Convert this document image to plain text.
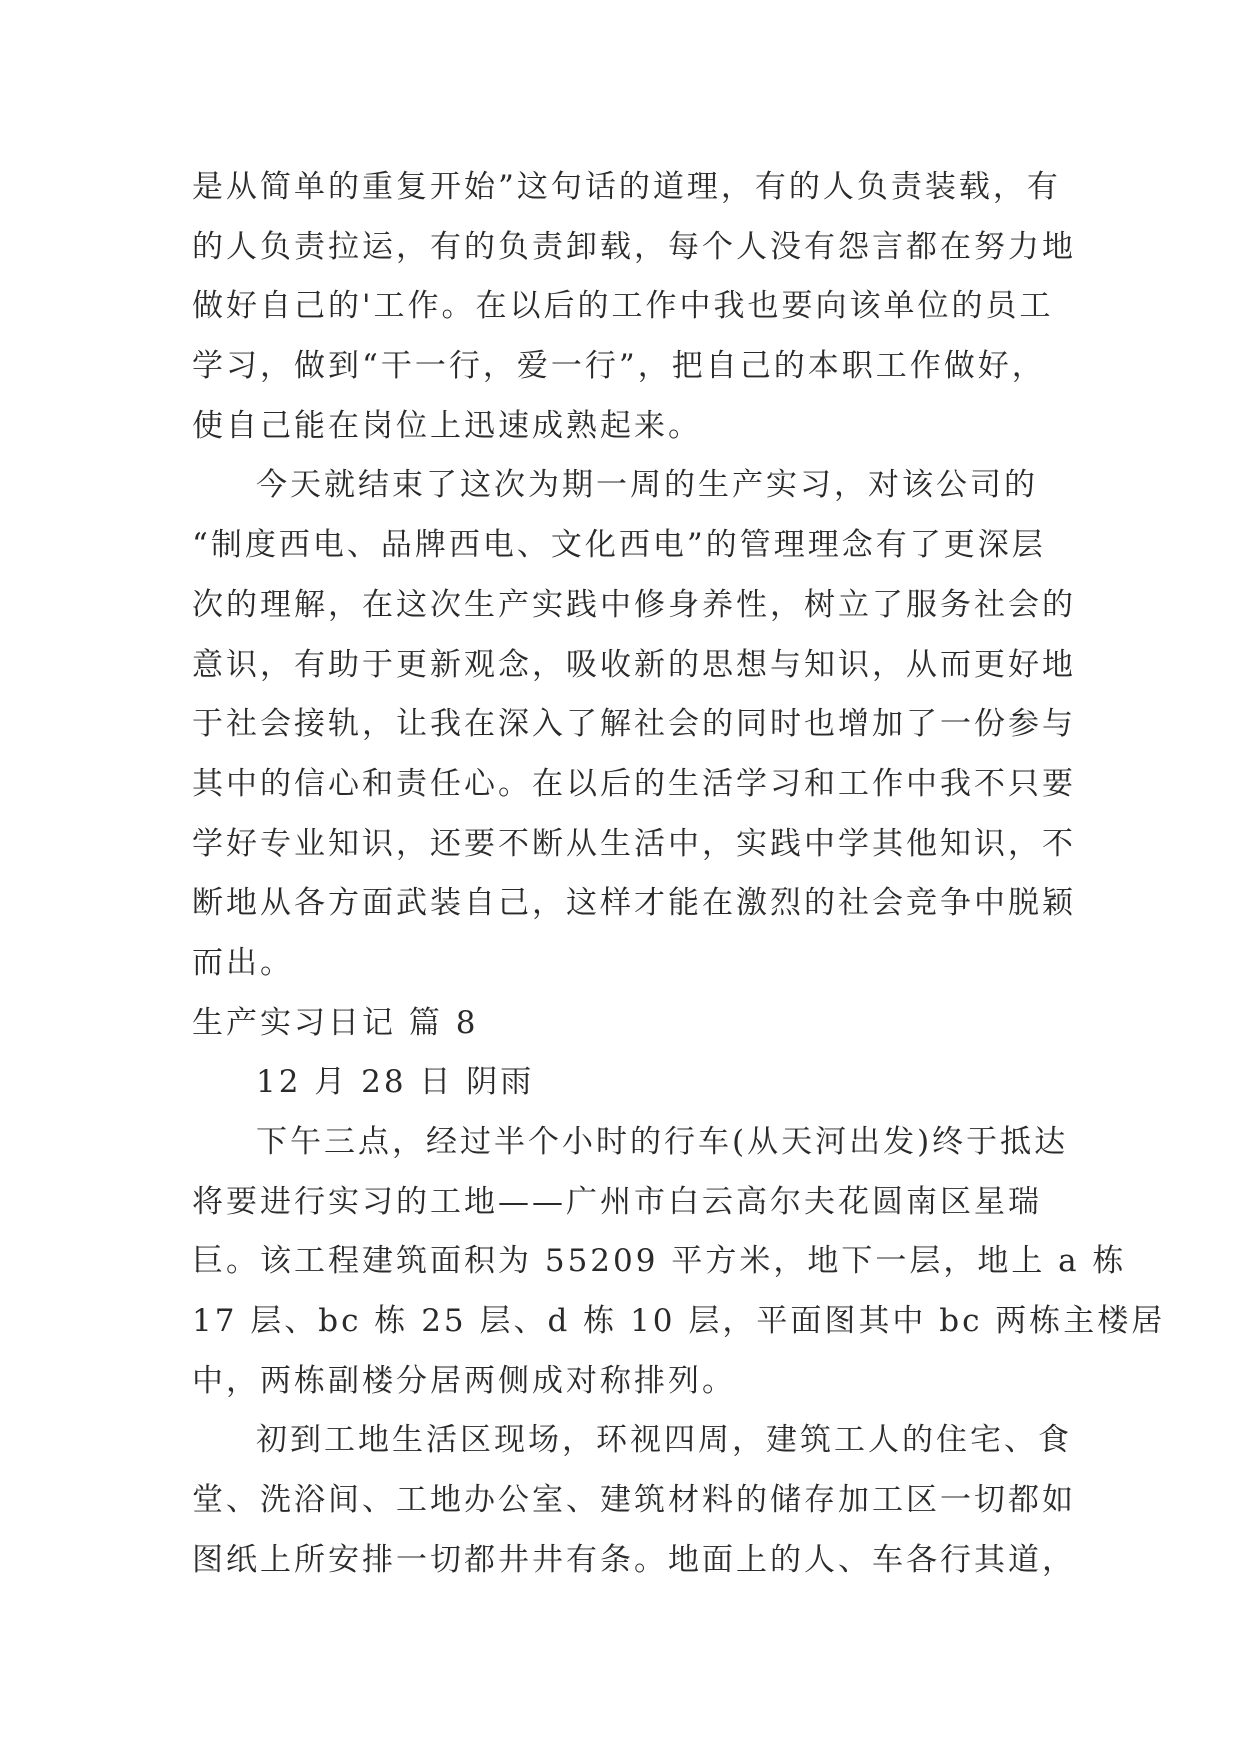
是从简单的重复开始”这句话的道理，有的人负责装载，有
的人负责拉运，有的负责卸载，每个人没有怨言都在努力地
做好自己的'工作。在以后的工作中我也要向该单位的员工
学习，做到“干一行，爱一行”，把自己的本职工作做好，
使自己能在岗位上迅速成熟起来。
今天就结束了这次为期一周的生产实习，对该公司的
“制度西电、品牌西电、文化西电”的管理理念有了更深层
次的理解，在这次生产实践中修身养性，树立了服务社会的
意识，有助于更新观念，吸收新的思想与知识，从而更好地
于社会接轨，让我在深入了解社会的同时也增加了一份参与
其中的信心和责任心。在以后的生活学习和工作中我不只要
学好专业知识，还要不断从生活中，实践中学其他知识，不
断地从各方面武装自己，这样才能在激烈的社会竞争中脱颖
而出。
生产实习日记 篇 8
12 月 28 日 阴雨
下午三点，经过半个小时的行车(从天河出发)终于抵达
将要进行实习的工地——广州市白云高尔夫花圆南区星瑞
巨。该工程建筑面积为 55209 平方米，地下一层，地上 a 栋
17 层、bc 栋 25 层、d 栋 10 层，平面图其中 bc 两栋主楼居
中，两栋副楼分居两侧成对称排列。
初到工地生活区现场，环视四周，建筑工人的住宅、食
堂、洗浴间、工地办公室、建筑材料的储存加工区一切都如
图纸上所安排一切都井井有条。地面上的人、车各行其道，
